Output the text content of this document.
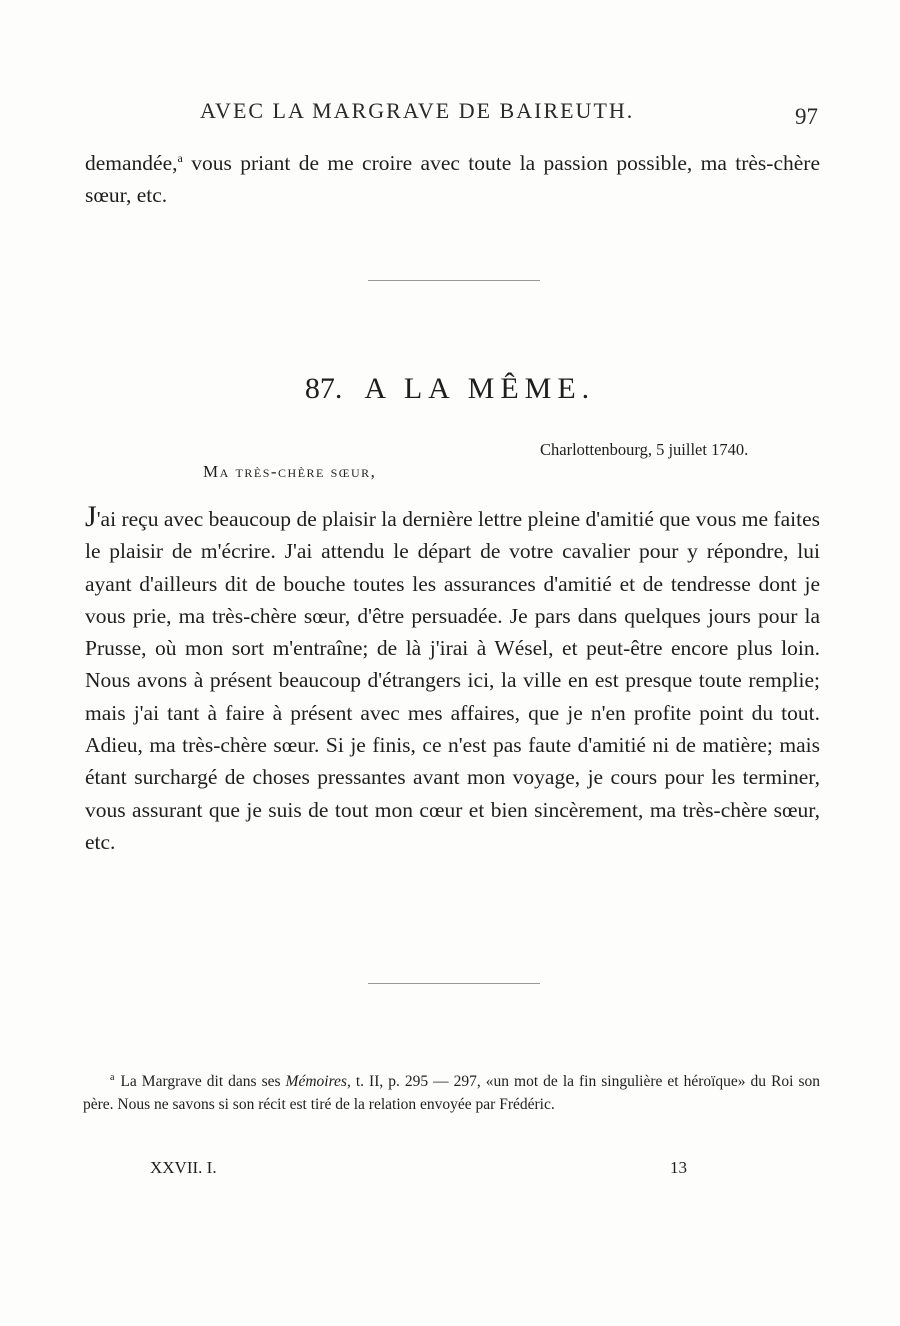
AVEC LA MARGRAVE DE BAIREUTH.	97
demandée,$^a$ vous priant de me croire avec toute la passion possible, ma très-chère sœur, etc.
87. A LA MÊME.
Charlottenbourg, 5 juillet 1740.
Ma très-chère sœur,
J'ai reçu avec beaucoup de plaisir la dernière lettre pleine d'amitié que vous me faites le plaisir de m'écrire. J'ai attendu le départ de votre cavalier pour y répondre, lui ayant d'ailleurs dit de bouche toutes les assurances d'amitié et de tendresse dont je vous prie, ma très-chère sœur, d'être persuadée. Je pars dans quelques jours pour la Prusse, où mon sort m'entraîne; de là j'irai à Wésel, et peut-être encore plus loin. Nous avons à présent beaucoup d'étrangers ici, la ville en est presque toute remplie; mais j'ai tant à faire à présent avec mes affaires, que je n'en profite point du tout. Adieu, ma très-chère sœur. Si je finis, ce n'est pas faute d'amitié ni de matière; mais étant surchargé de choses pressantes avant mon voyage, je cours pour les terminer, vous assurant que je suis de tout mon cœur et bien sincèrement, ma très-chère sœur, etc.
$^a$ La Margrave dit dans ses Mémoires, t. II, p. 295 — 297, «un mot de la fin singulière et héroïque» du Roi son père. Nous ne savons si son récit est tiré de la relation envoyée par Frédéric.
XXVII. I.	13
